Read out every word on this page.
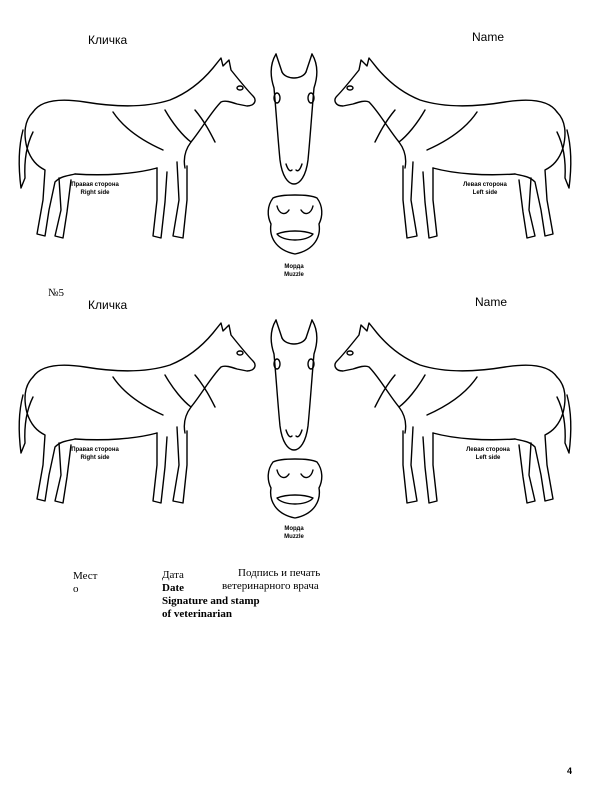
Кличка	Name
Правая сторона
Right side
Морда
Muzzle
Левая сторона
Left side
№5
Кличка	Name
Правая сторона
Right side
Морда
Muzzle
Левая сторона
Left side
Мест
о
Дата	Подпись и печать
Date	ветеринарного врача
Signature and stamp
of veterinarian
4
